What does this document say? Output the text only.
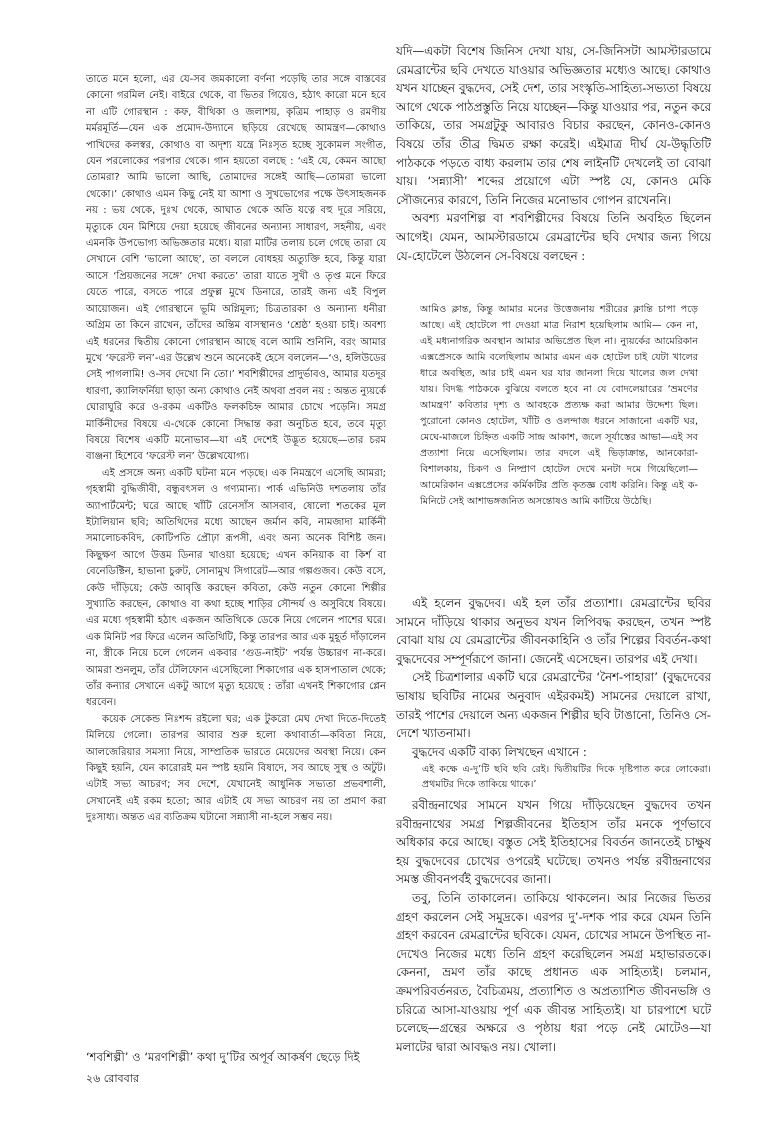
তাতে মনে হলো, এর যে-সব জমকালো বর্ণনা পড়েছি তার সঙ্গে বাস্তবের কোনো গরমিল নেই। বাইরে থেকে, বা ভিতর গিয়েও, হঠাৎ কারো মনে হবে না এটি গোরস্থান : কফ, বীথিকা ও জলাশয়, কৃত্রিম পাহাড় ও রমণীয় মর্মরমূর্তি—যেন এক প্রমোদ-উদ্যানে ছড়িয়ে রেখেছে আমন্ত্রণ—কোথাও পাখিদের কলস্বর, কোথাও বা অদৃশ্য যন্ত্রে নিঃসৃত হচ্ছে সুকোমল সংগীত, যেন পরলোকের পরপার থেকে। গান হয়তো বলছে : ‘এই যে, কেমন আছো তোমরা? আমি ভালো আছি, তোমাদের সঙ্গেই আছি—তোমরা ভালো থেকো।’ কোথাও এমন কিছু নেই যা আশা ও সুখভোগের পক্ষে উৎসাহজনক নয় : ভয় থেকে, দুঃখ থেকে, আঘাত থেকে অতি যত্নে বহু দূরে সরিয়ে, মৃত্যুকে যেন মিশিয়ে দেয়া হয়েছে জীবনের অন্যান্য সাধারণ, সহনীয়, এবং এমনকি উপভোগ্য অভিজ্ঞতার মধ্যে। যারা মাটির তলায় চলে গেছে তারা যে সেখানে বেশি ‘ভালো আছে’, তা বললে বোধহয় অত্যুক্তি হবে, কিন্তু যারা আসে ‘প্রিয়জনের সঙ্গে’ দেখা করতে’ তারা যাতে সুখী ও তৃপ্ত মনে ফিরে যেতে পারে, বসতে পারে প্রফুল্ল মুখে ডিনারে, তারই জন্য এই বিপুল আয়োজন। এই গোরস্থানে ভূমি অগ্নিমূল্য; চিত্রতারকা ও অন্যান্য ধনীরা অগ্রিম তা কিনে রাখেন, তাঁদের অন্তিম বাসস্থানও ‘শ্রেষ্ঠ’ হওয়া চাই। অবশ্য এই ধরনের দ্বিতীয় কোনো গোরস্থান আছে বলে আমি শুনিনি, বরং আমার মুখে ‘ফরেস্ট লন’-এর উল্লেখ শুনে অনেকেই হেসে বললেন—‘ও, হলিউডের সেই পাগলামি! ও-সব দেখো নি তো।’ শবশিল্পীদের প্রাদুর্ভাবও, আমার যতদূর ধারণা, ক্যালিফর্নিয়া ছাড়া অন্য কোথাও নেই অথবা প্রবল নয় : অন্তত ন্যুয়র্কে ঘোরাঘুরি করে ও-রকম একটিও ফলকচিহ্ন আমার চোখে পড়েনি। সমগ্র মার্কিনীদের বিষয়ে এ-থেকে কোনো সিদ্ধান্ত করা অনুচিত হবে, তবে মৃত্যু বিষয়ে বিশেষ একটি মনোভাব—যা এই দেশেই উদ্ভূত হয়েছে—তার চরম বাঞ্জনা হিশেবে ‘ফরেস্ট লন’ উল্লেখযোগ্য।

এই প্রসঙ্গে অন্য একটি ঘটনা মনে পড়ছে। এক নিমন্ত্রণে এসেছি আমরা; গৃহস্বামী বুদ্ধিজীবী, বন্ধুবৎসল ও গণ্যমান্য। পার্ক এভিনিউ দশতলায় তাঁর অ্যাপার্টমেন্ট; ঘরে আছে খাঁটি রেনেসাঁস আসবাব, ষোলো শতকের মূল ইটালিয়ান ছবি; অতিথিদের মধ্যে আছেন জর্মান কবি, নামজাদা মার্কিনী সমালোচকবিদ, কোটিপতি প্রৌঢ়া রূপসী, এবং অন্য অনেক বিশিষ্ট জন। কিছুক্ষণ আগে উত্তম ডিনার খাওয়া হয়েছে; এখন কনিয়াক বা কির্শ বা বেনেডিক্টিন, হাভানা চুরুট, সোনামুখ সিগারেট—আর গল্পগুজব। কেউ বসে, কেউ দাঁড়িয়ে; কেউ আবৃত্তি করছেন কবিতা, কেউ নতুন কোনো শিল্পীর সুখ্যাতি করছেন, কোথাও বা কথা হচ্ছে শাড়ির সৌন্দর্য ও অসুবিধে বিষয়ে। এর মধ্যে গৃহস্বামী হঠাৎ একজন অতিথিকে ডেকে নিয়ে গেলেন পাশের ঘরে। এক মিনিট পর ফিরে এলেন অতিথিটি, কিন্তু তারপর আর এক মুহূর্ত দাঁড়ালেন না, স্ত্রীকে নিয়ে চলে গেলেন একবার ‘গুড-নাইট’ পর্যন্ত উচ্চারণ না-করে। আমরা শুনলুম, তাঁর টেলিফোন এসেছিলো শিকাগোর এক হাসপাতাল থেকে; তাঁর কন্যার সেখানে একটু আগে মৃত্যু হয়েছে : তাঁরা এখনই শিকাগোর প্লেন ধরবেন।

কয়েক সেকেন্ড নিঃশব্দ রইলো ঘর; এক টুকরো মেঘ দেখা দিতে-দিতেই মিলিয়ে গেলো। তারপর আবার শুরু হলো কথাবার্তা—কবিতা নিয়ে, আলজেরিয়ার সমস্যা নিয়ে, সাম্প্রতিক ভারতে মেয়েদের অবস্থা নিয়ে। কেন কিছুই হয়নি, যেন কারোরই মন স্পষ্ট হয়নি বিষাদে, সব আছে সুস্থ ও অটুট। এটাই সভ্য আচরণ; সব দেশে, যেখানেই আধুনিক সভ্যতা প্রভবশালী, সেখানেই এই রকম হতো; আর এটাই যে সভ্য আচরণ নয় তা প্রমাণ করা দুঃসাধ্য। অন্তত এর ব্যতিক্রম ঘটানো সন্ন্যাসী না-হলে সম্ভব নয়।

‘শবশিল্পী’ ও ‘মরণশিল্পী’ কথা দু’টির অপূর্ব আকর্ষণ ছেড়ে দিই
২৬ রোববার

যদি—একটা বিশেষ জিনিস দেখা যায়, সে-জিনিসটা আমস্টারডামে রেমব্রান্টের ছবি দেখতে যাওয়ার অভিজ্ঞতার মধ্যেও আছে। কোথাও যখন যাচ্ছেন বুদ্ধদেব, সেই দেশ, তার সংস্কৃতি-সাহিত্য-সভ্যতা বিষয়ে আগে থেকে পাঠপ্রস্তুতি নিয়ে যাচ্ছেন—কিন্তু যাওয়ার পর, নতুন করে তাকিয়ে, তার সমগ্রটুকু আবারও বিচার করছেন, কোনও-কোনও বিষয়ে তাঁর তীব্র দ্বিমত রক্ষা করেই। এইমাত্র দীর্ঘ যে-উদ্ধৃতিটি পাঠককে পড়তে বাধ্য করলাম তার শেষ লাইনটি দেখলেই তা বোঝা যায়। ‘সন্ন্যাসী’ শব্দের প্রয়োগে এটা স্পষ্ট যে, কোনও মেকি সৌজন্যের কারণে, তিনি নিজের মনোভাব গোপন রাখেননি।

অবশ্য মরণশিল্প বা শবশিল্পীদের বিষয়ে তিনি অবহিত ছিলেন আগেই। যেমন, আমস্টারডামে রেমব্রান্টের ছবি দেখার জন্য গিয়ে যে-হোটেলে উঠলেন সে-বিষয়ে বলছেন :

আমিও ক্লান্ত, কিন্তু আমার মনের উত্তেজনায় শরীরের ক্লান্তি চাপা পড়ে আছে। এই হোটেলে পা দেওয়া মাত্র নিরাশ হয়েছিলাম আমি— কেন না, এই মধ্যনাগরিক অবস্থান আমার অভিপ্রেত ছিল না। ন্যুয়র্কের আমেরিকান এক্সপ্রেসকে আমি বলেছিলাম আমার এমন এক হোটেল চাই যেটা খালের ধারে অবস্থিত, আর চাই এমন ঘর যার জানলা দিয়ে খালের জল দেখা যায়। বিদগ্ধ পাঠককে বুঝিয়ে বলতে হবে না যে বোদলেয়ারের ‘ভ্রমণের আমন্ত্রণ’ কবিতার দৃশ্য ও আবহকে প্রত্যক্ষ করা আমার উদ্দেশ্য ছিল। পুরোনো কোনও হোটেল, খাঁটি ও ওলন্দাজ ধরনে সাজানো একটি ঘর, মেঘে-মাজলে চিহ্নিত একটি সান্দ্র আকাশ, জলে সূর্যাস্তের আভা—এই সব প্রত্যাশা নিয়ে এসেছিলাম। তার বদলে এই ভিড়াক্রান্ত, আনকোরা-বিশালকায়, চিকণ ও নিষ্প্রাণ হোটেল দেখে মনটা দমে গিয়েছিলো—আমেরিকান এক্সপ্রেসের কর্মিকটির প্রতি কৃতজ্ঞ বোধ করিনি। কিন্তু এই ক-মিনিটে সেই আশাভঙ্গজনিত অসন্তোষও আমি কাটিয়ে উঠেছি।

এই হলেন বুদ্ধদেব। এই হল তাঁর প্রত্যাশা। রেমব্রান্টের ছবির সামনে দাঁড়িয়ে থাকার অনুভব যখন লিপিবদ্ধ করছেন, তখন স্পষ্ট বোঝা যায় যে রেমব্রান্টের জীবনকাহিনি ও তাঁর শিল্পের বিবর্তন-কথা বুদ্ধদেবের সম্পূর্ণরূপে জানা। জেনেই এসেছেন। তারপর এই দেখা।

সেই চিত্রশালার একটি ঘরে রেমব্রান্টের ‘নৈশ-পাহারা’ (বুদ্ধদেবের ভাষায় ছবিটির নামের অনুবাদ এইরকমই) সামনের দেয়ালে রাখা, তারই পাশের দেয়ালে অন্য একজন শিল্পীর ছবি টাঙানো, তিনিও সে-দেশে খ্যাতনামা।

বুদ্ধদেব একটি বাক্য লিখছেন এখানে :

এই কক্ষে এ-দু’টি ছবি ছবি রেই। দ্বিতীয়টির দিকে দৃষ্টিপাত করে লোকেরা। প্রথমটির দিকে তাকিয়ে থাকে।’

রবীন্দ্রনাথের সামনে যখন গিয়ে দাঁড়িয়েছেন বুদ্ধদেব তখন রবীন্দ্রনাথের সমগ্র শিল্পজীবনের ইতিহাস তাঁর মনকে পূর্ণভাবে অধিকার করে আছে। বস্তুত সেই ইতিহাসের বিবর্তন জানতেই চাক্ষুষ হয় বুদ্ধদেবের চোখের ওপরেই ঘটেছে। তখনও পর্যন্ত রবীন্দ্রনাথের সমস্ত জীবনপর্বই বুদ্ধদেবের জানা।

তবু, তিনি তাকালেন। তাকিয়ে থাকলেন। আর নিজের ভিতর গ্রহণ করলেন সেই সমুদ্রকে। এরপর দু’-দশক পার করে যেমন তিনি গ্রহণ করবেন রেমব্রান্টের ছবিকে। যেমন, চোখের সামনে উপস্থিত না-দেখেও নিজের মধ্যে তিনি গ্রহণ করেছিলেন সমগ্র মহাভারতকে। কেননা, ভ্রমণ তাঁর কাছে প্রধানত এক সাহিত্যই। চলমান, ক্রমপরিবর্তনরত, বৈচিত্রময়, প্রত্যাশিত ও অপ্রত্যাশিত জীবনভঙ্গি ও চরিত্রে আসা-যাওয়ায় পূর্ণ এক জীবন্ত সাহিত্যই। যা চারপাশে ঘটে চলেছে—গ্রন্থের অক্ষরে ও পৃষ্ঠায় ধরা পড়ে নেই মোটেও—যা মলাটের দ্বারা আবদ্ধও নয়। খোলা।
